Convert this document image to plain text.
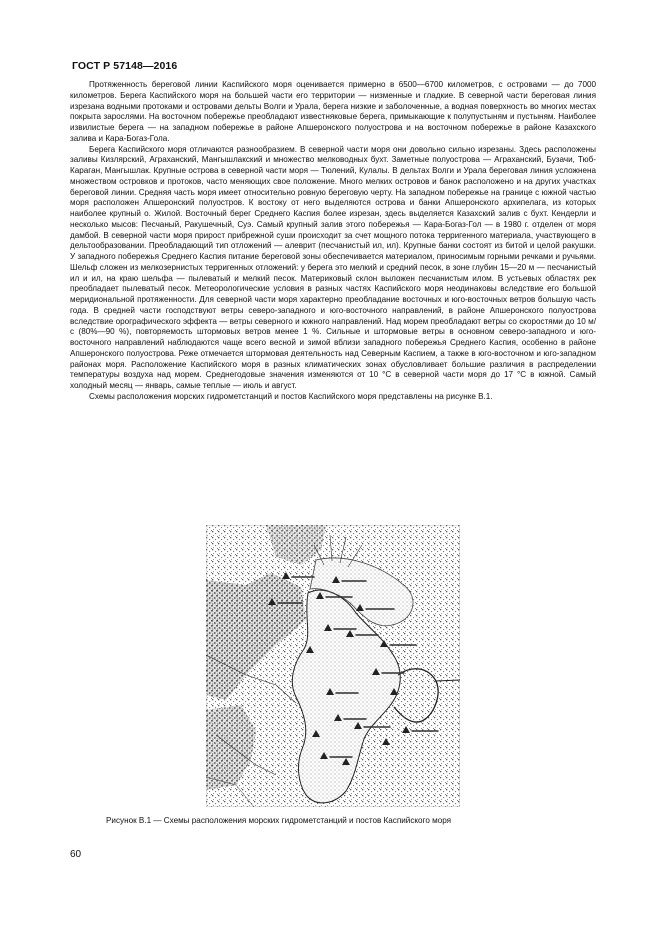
ГОСТ Р 57148—2016

Протяженность береговой линии Каспийского моря оценивается примерно в 6500—6700 километров, с островами — до 7000 километров. Берега Каспийского моря на большей части его территории — низменные и гладкие. В северной части береговая линия изрезана водными протоками и островами дельты Волги и Урала, берега низкие и заболоченные, а водная поверхность во многих местах покрыта зарослями. На восточном побережье преобладают известняковые берега, примыкающие к полупустыням и пустыням. Наиболее извилистые берега — на западном побережье в районе Апшеронского полуострова и на восточном побережье в районе Казахского залива и Кара-Богаз-Гола.

Берега Каспийского моря отличаются разнообразием. В северной части моря они довольно сильно изрезаны. Здесь расположены заливы Кизлярский, Аграханский, Мангышлакский и множество мелководных бухт. Заметные полуострова — Аграханский, Бузачи, Тюб-Караган, Мангышлак. Крупные острова в северной части моря — Тюлений, Кулалы. В дельтах Волги и Урала береговая линия усложнена множеством островков и протоков, часто меняющих свое положение. Много мелких островов и банок расположено и на других участках береговой линии. Средняя часть моря имеет относительно ровную береговую черту. На западном побережье на границе с южной частью моря расположен Апшеронский полуостров. К востоку от него выделяются острова и банки Апшеронского архипелага, из которых наиболее крупный о. Жилой. Восточный берег Среднего Каспия более изрезан, здесь выделяется Казахский залив с бухт. Кендерли и несколько мысов: Песчаный, Ракушечный, Суэ. Самый крупный залив этого побережья — Кара-Богаз-Гол — в 1980 г. отделен от моря дамбой. В северной части моря прирост прибрежной суши происходит за счет мощного потока терригенного материала, участвующего в дельтообразовании. Преобладающий тип отложений — алеврит (песчанистый ил, ил). Крупные банки состоят из битой и целой ракушки. У западного побережья Среднего Каспия питание береговой зоны обеспечивается материалом, приносимым горными речками и ручьями. Шельф сложен из мелкозернистых терригенных отложений: у берега это мелкий и средний песок, в зоне глубин 15—20 м — песчанистый ил и ил, на краю шельфа — пылеватый и мелкий песок. Материковый склон выложен песчанистым илом. В устьевых областях рек преобладает пылеватый песок. Метеорологические условия в разных частях Каспийского моря неодинаковы вследствие его большой меридиональной протяженности. Для северной части моря характерно преобладание восточных и юго-восточных ветров большую часть года. В средней части господствуют ветры северо-западного и юго-восточного направлений, в районе Апшеронского полуострова вследствие орографического эффекта — ветры северного и южного направлений. Над морем преобладают ветры со скоростями до 10 м/с (80%—90 %), повторяемость штормовых ветров менее 1 %. Сильные и штормовые ветры в основном северо-западного и юго-восточного направлений наблюдаются чаще всего весной и зимой вблизи западного побережья Среднего Каспия, особенно в районе Апшеронского полуострова. Реже отмечается штормовая деятельность над Северным Каспием, а также в юго-восточном и юго-западном районах моря. Расположение Каспийского моря в разных климатических зонах обусловливает большие различия в распределении температуры воздуха над морем. Среднегодовые значения изменяются от 10 °С в северной части моря до 17 °С в южной. Самый холодный месяц — январь, самые теплые — июль и август.

Схемы расположения морских гидрометстанций и постов Каспийского моря представлены на рисунке В.1.

Рисунок В.1 — Схемы расположения морских гидрометстанций и постов Каспийского моря
60
